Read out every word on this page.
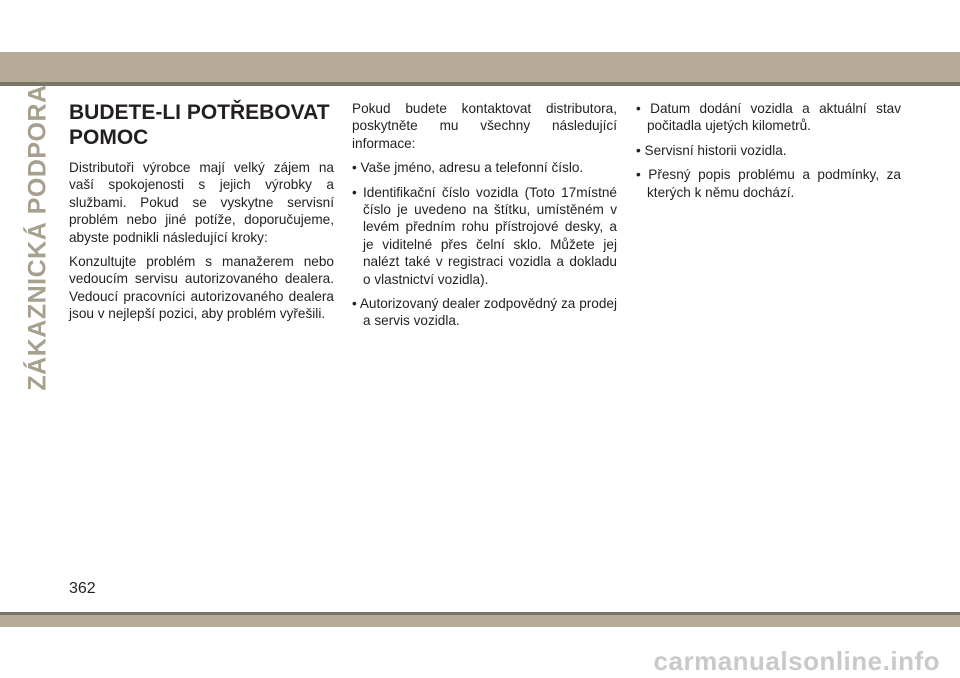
ZÁKAZNICKÁ PODPORA BUDETE-LI POTŘEBOVAT POMOC

Distributoři výrobce mají velký zájem na vaší spokojenosti s jejich výrobky a službami. Pokud se vyskytne servisní problém nebo jiné potíže, doporučujeme, abyste podnikli následující kroky:

Konzultujte problém s manažerem nebo vedoucím servisu autorizovaného dealera. Vedoucí pracovníci autorizovaného dealera jsou v nejlepší pozici, aby problém vyřešili.

Pokud budete kontaktovat distributora, poskytněte mu všechny následující informace:

• Vaše jméno, adresu a telefonní číslo.

• Identifikační číslo vozidla (Toto 17místné číslo je uvedeno na štítku, umístěném v levém předním rohu přístrojové desky, a je viditelné přes čelní sklo. Můžete jej nalézt také v registraci vozidla a dokladu o vlastnictví vozidla).

• Autorizovaný dealer zodpovědný za prodej a servis vozidla.

• Datum dodání vozidla a aktuální stav počitadla ujetých kilometrů.

• Servisní historii vozidla.

• Přesný popis problému a podmínky, za kterých k němu dochází.

362
carmanualsonline.info
